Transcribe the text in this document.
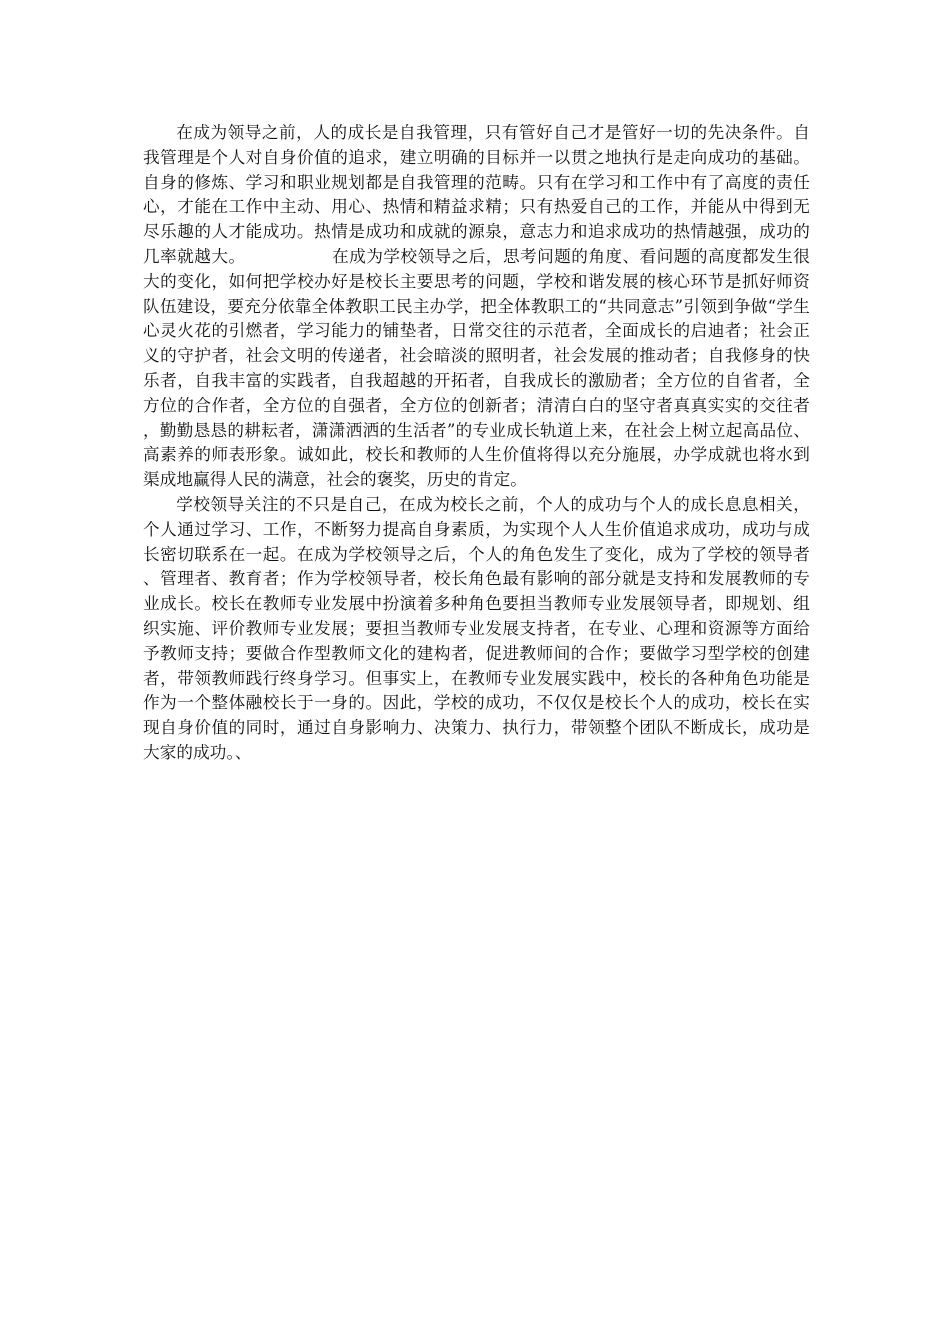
在成为领导之前，人的成长是自我管理，只有管好自己才是管好一切的先决条件。自我管理是个人对自身价值的追求，建立明确的目标并一以贯之地执行是走向成功的基础。自身的修炼、学习和职业规划都是自我管理的范畴。只有在学习和工作中有了高度的责任心，才能在工作中主动、用心、热情和精益求精；只有热爱自己的工作，并能从中得到无尽乐趣的人才能成功。热情是成功和成就的源泉，意志力和追求成功的热情越强，成功的几率就越大。	在成为学校领导之后，思考问题的角度、看问题的高度都发生很大的变化，如何把学校办好是校长主要思考的问题，学校和谐发展的核心环节是抓好师资队伍建设，要充分依靠全体教职工民主办学，把全体教职工的“共同意志”引领到争做“学生心灵火花的引燃者，学习能力的铺垫者，日常交往的示范者，全面成长的启迪者；社会正义的守护者，社会文明的传递者，社会暗淡的照明者，社会发展的推动者；自我修身的快乐者，自我丰富的实践者，自我超越的开拓者，自我成长的激励者；全方位的自省者，全方位的合作者，全方位的自强者，全方位的创新者；清清白白的坚守者真真实实的交往者，勤勤恳恳的耕耘者，潇潇洒洒的生活者”的专业成长轨道上来，在社会上树立起高品位、高素养的师表形象。诚如此，校长和教师的人生价值将得以充分施展，办学成就也将水到渠成地赢得人民的满意，社会的褒奖，历史的肯定。

学校领导关注的不只是自己，在成为校长之前，个人的成功与个人的成长息息相关，个人通过学习、工作，不断努力提高自身素质，为实现个人人生价值追求成功，成功与成长密切联系在一起。在成为学校领导之后，个人的角色发生了变化，成为了学校的领导者、管理者、教育者；作为学校领导者，校长角色最有影响的部分就是支持和发展教师的专业成长。校长在教师专业发展中扮演着多种角色要担当教师专业发展领导者，即规划、组织实施、评价教师专业发展；要担当教师专业发展支持者，在专业、心理和资源等方面给予教师支持；要做合作型教师文化的建构者，促进教师间的合作；要做学习型学校的创建者，带领教师践行终身学习。但事实上，在教师专业发展实践中，校长的各种角色功能是作为一个整体融校长于一身的。因此，学校的成功，不仅仅是校长个人的成功，校长在实现自身价值的同时，通过自身影响力、决策力、执行力，带领整个团队不断成长，成功是大家的成功。、
